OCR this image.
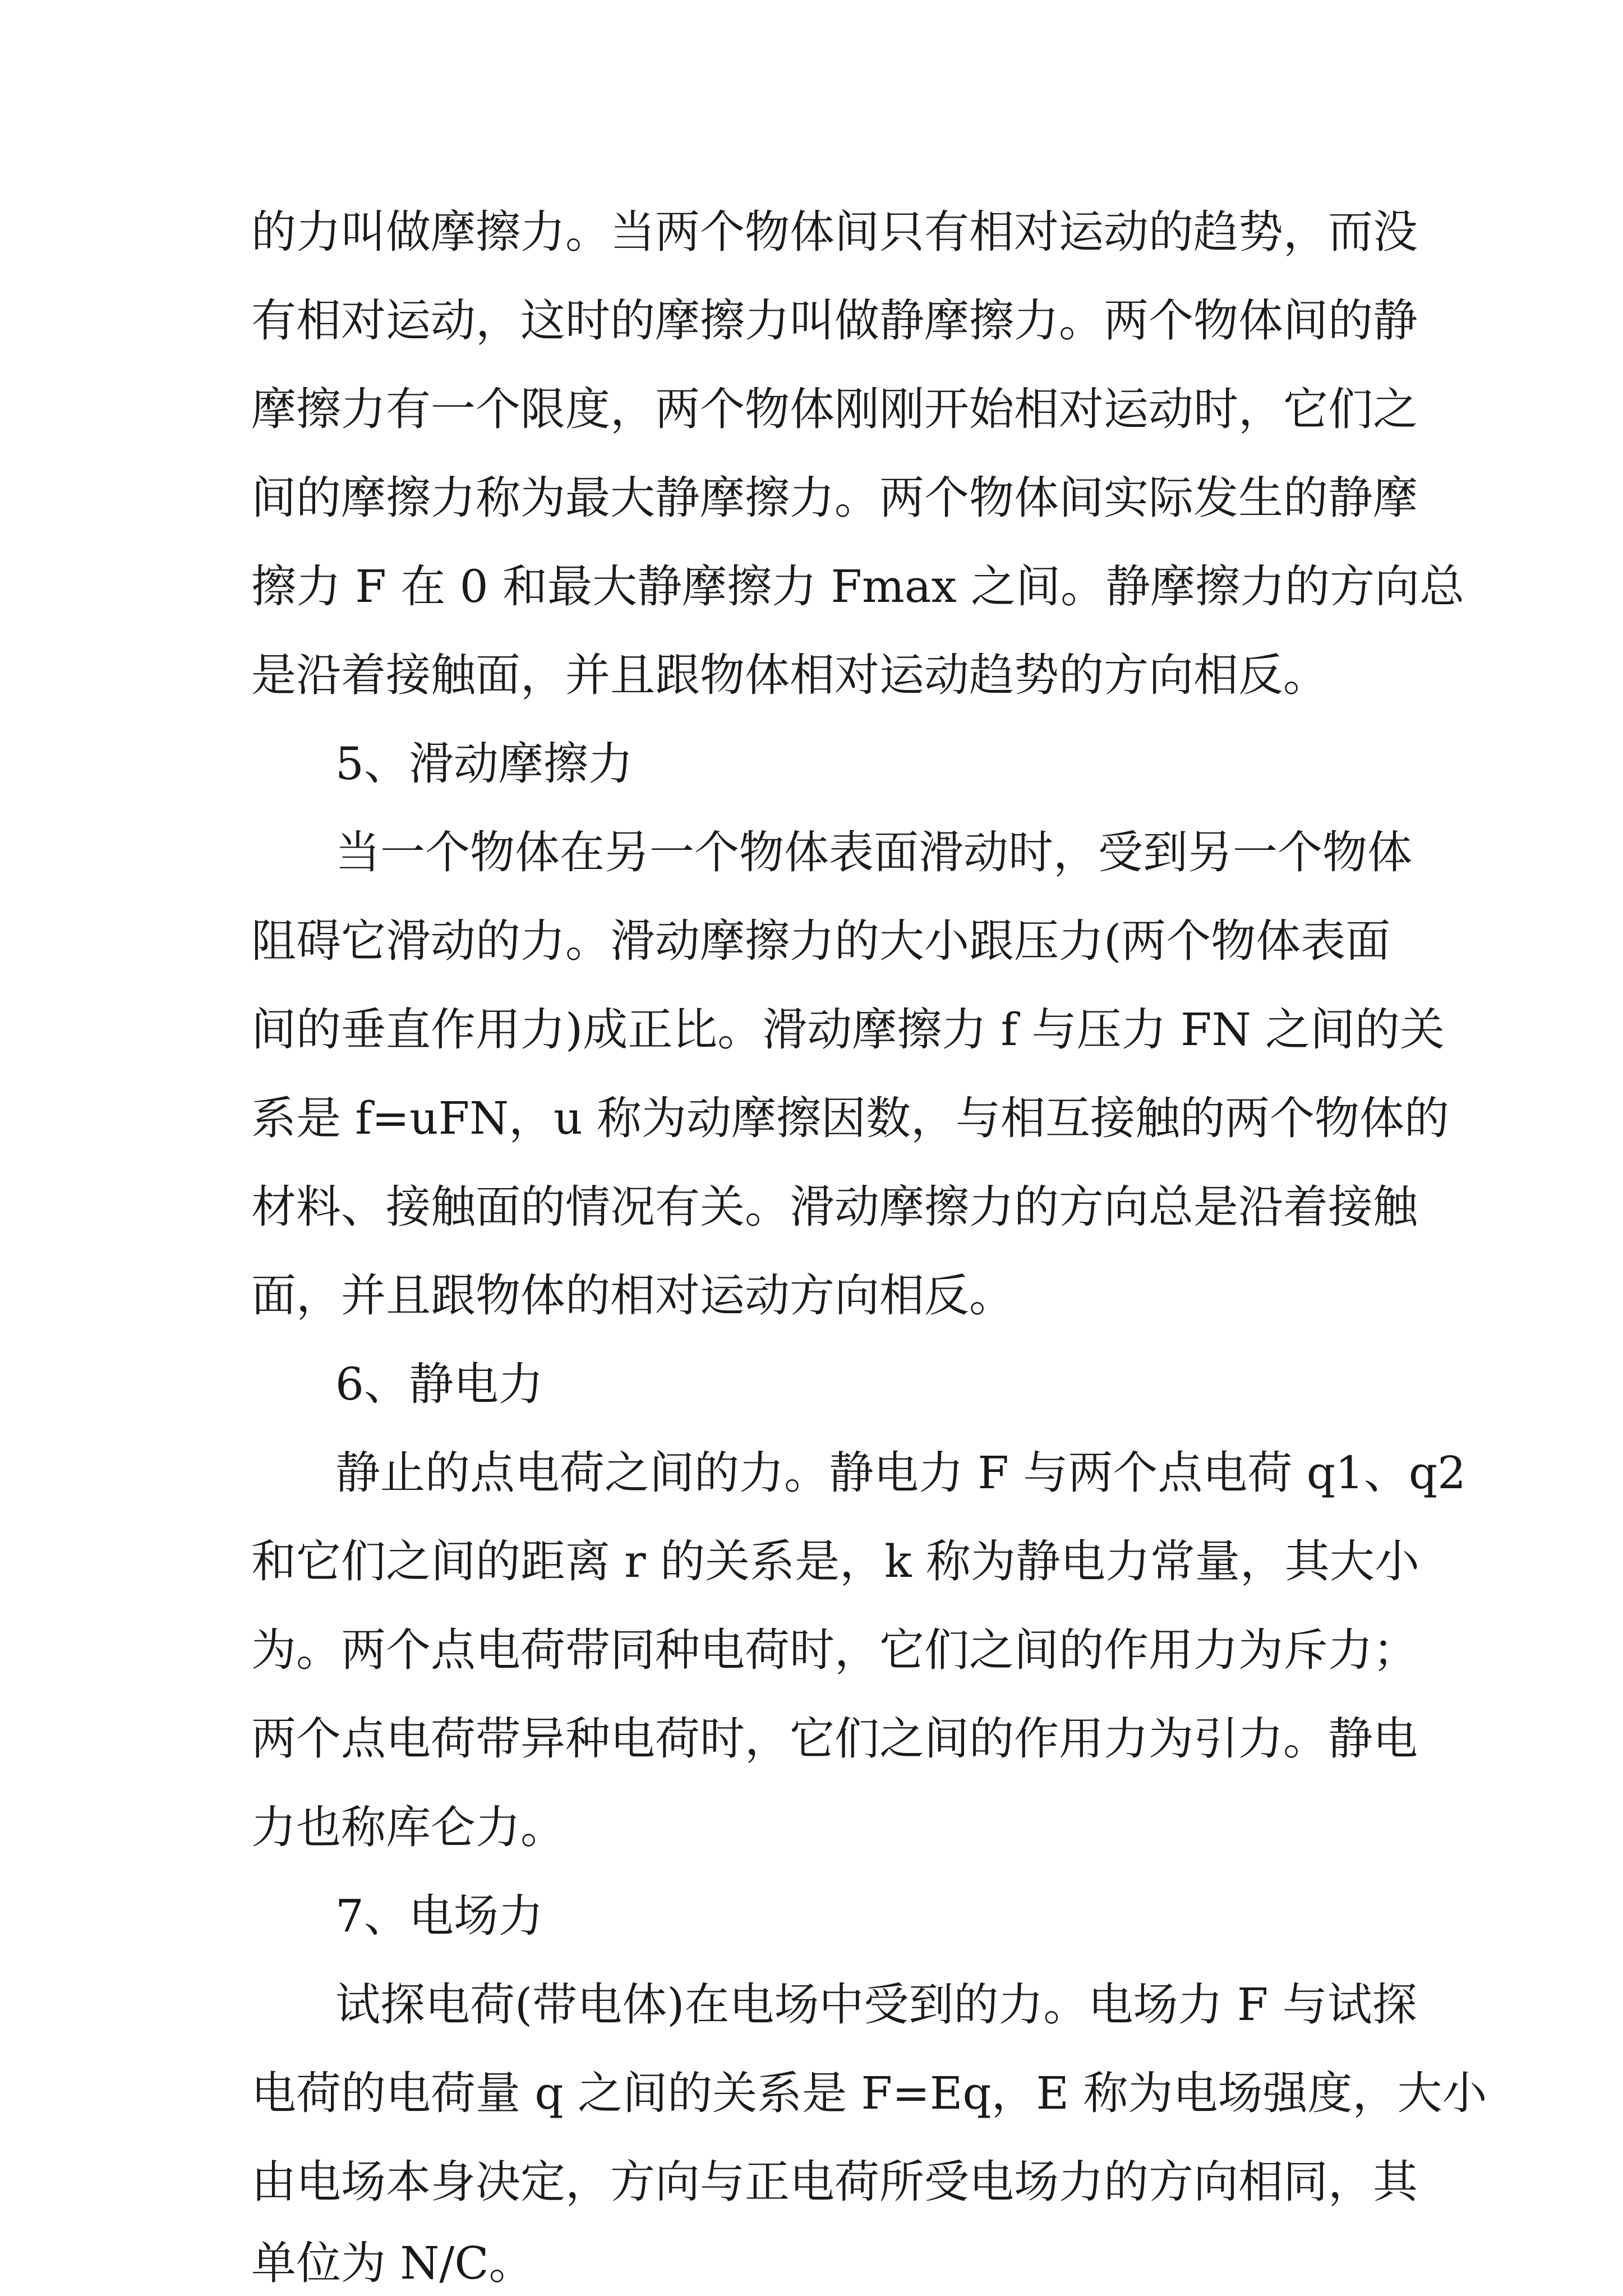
的力叫做摩擦力。当两个物体间只有相对运动的趋势，而没
有相对运动，这时的摩擦力叫做静摩擦力。两个物体间的静
摩擦力有一个限度，两个物体刚刚开始相对运动时，它们之
间的摩擦力称为最大静摩擦力。两个物体间实际发生的静摩
擦力 F 在 0 和最大静摩擦力 Fmax 之间。静摩擦力的方向总
是沿着接触面，并且跟物体相对运动趋势的方向相反。
5、滑动摩擦力
当一个物体在另一个物体表面滑动时，受到另一个物体
阻碍它滑动的力。滑动摩擦力的大小跟压力(两个物体表面
间的垂直作用力)成正比。滑动摩擦力 f 与压力 FN 之间的关
系是 f=uFN，u 称为动摩擦因数，与相互接触的两个物体的
材料、接触面的情况有关。滑动摩擦力的方向总是沿着接触
面，并且跟物体的相对运动方向相反。
6、静电力
静止的点电荷之间的力。静电力 F 与两个点电荷 q1、q2
和它们之间的距离 r 的关系是，k 称为静电力常量，其大小
为。两个点电荷带同种电荷时，它们之间的作用力为斥力；
两个点电荷带异种电荷时，它们之间的作用力为引力。静电
力也称库仑力。
7、电场力
试探电荷(带电体)在电场中受到的力。电场力 F 与试探
电荷的电荷量 q 之间的关系是 F=Eq，E 称为电场强度，大小
由电场本身决定，方向与正电荷所受电场力的方向相同，其
单位为 N/C。
